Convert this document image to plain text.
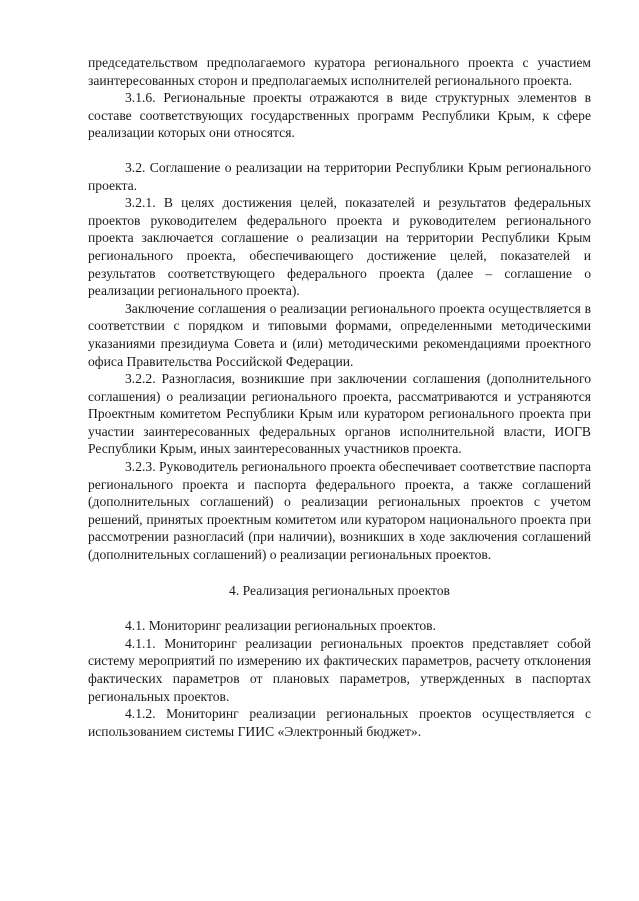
председательством предполагаемого куратора регионального проекта с участием заинтересованных сторон и предполагаемых исполнителей регионального проекта.

3.1.6. Региональные проекты отражаются в виде структурных элементов в составе соответствующих государственных программ Республики Крым, к сфере реализации которых они относятся.

3.2. Соглашение о реализации на территории Республики Крым регионального проекта.

3.2.1. В целях достижения целей, показателей и результатов федеральных проектов руководителем федерального проекта и руководителем регионального проекта заключается соглашение о реализации на территории Республики Крым регионального проекта, обеспечивающего достижение целей, показателей и результатов соответствующего федерального проекта (далее – соглашение о реализации регионального проекта).

Заключение соглашения о реализации регионального проекта осуществляется в соответствии с порядком и типовыми формами, определенными методическими указаниями президиума Совета и (или) методическими рекомендациями проектного офиса Правительства Российской Федерации.

3.2.2. Разногласия, возникшие при заключении соглашения (дополнительного соглашения) о реализации регионального проекта, рассматриваются и устраняются Проектным комитетом Республики Крым или куратором регионального проекта при участии заинтересованных федеральных органов исполнительной власти, ИОГВ Республики Крым, иных заинтересованных участников проекта.

3.2.3. Руководитель регионального проекта обеспечивает соответствие паспорта регионального проекта и паспорта федерального проекта, а также соглашений (дополнительных соглашений) о реализации региональных проектов с учетом решений, принятых проектным комитетом или куратором национального проекта при рассмотрении разногласий (при наличии), возникших в ходе заключения соглашений (дополнительных соглашений) о реализации региональных проектов.

4. Реализация региональных проектов

4.1. Мониторинг реализации региональных проектов.

4.1.1. Мониторинг реализации региональных проектов представляет собой систему мероприятий по измерению их фактических параметров, расчету отклонения фактических параметров от плановых параметров, утвержденных в паспортах региональных проектов.

4.1.2. Мониторинг реализации региональных проектов осуществляется с использованием системы ГИИС «Электронный бюджет».
